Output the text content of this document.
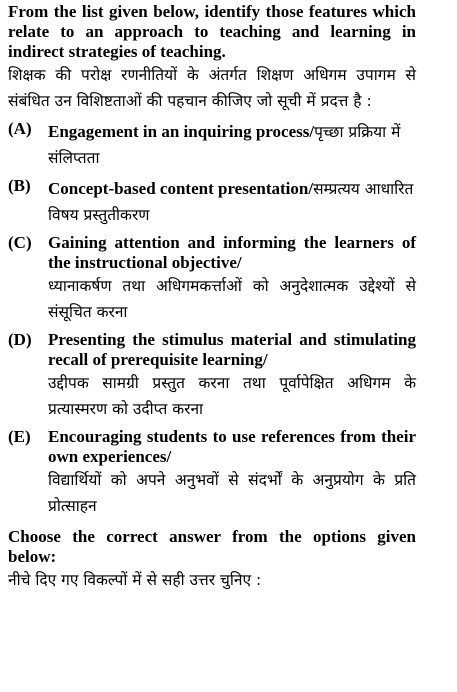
From the list given below, identify those features which relate to an approach to teaching and learning in indirect strategies of teaching.

शिक्षक की परोक्ष रणनीतियों के अंतर्गत शिक्षण अधिगम उपागम से संबंधित उन विशिष्टताओं की पहचान कीजिए जो सूची में प्रदत्त है :

(A) Engagement in an inquiring process/पृच्छा प्रक्रिया में संलिप्तता
(B)	Concept-based content presentation/सम्प्रत्यय आधारित विषय प्रस्तुतीकरण
(C) Gaining attention and informing the learners of the instructional objective/

ध्यानाकर्षण तथा अधिगमकर्त्ताओं को अनुदेशात्मक उद्देश्यों से संसूचित करना

(D) Presenting the stimulus material and stimulating recall of prerequisite learning/

उद्दीपक सामग्री प्रस्तुत करना तथा पूर्वापेक्षित अधिगम के प्रत्यास्मरण को उदीप्त करना

(E)	Encouraging students to use references from their own experiences/

विद्यार्थियों को अपने अनुभवों से संदर्भों के अनुप्रयोग के प्रति प्रोत्साहन

Choose the correct answer from the options given below:

नीचे दिए गए विकल्पों में से सही उत्तर चुनिए :
